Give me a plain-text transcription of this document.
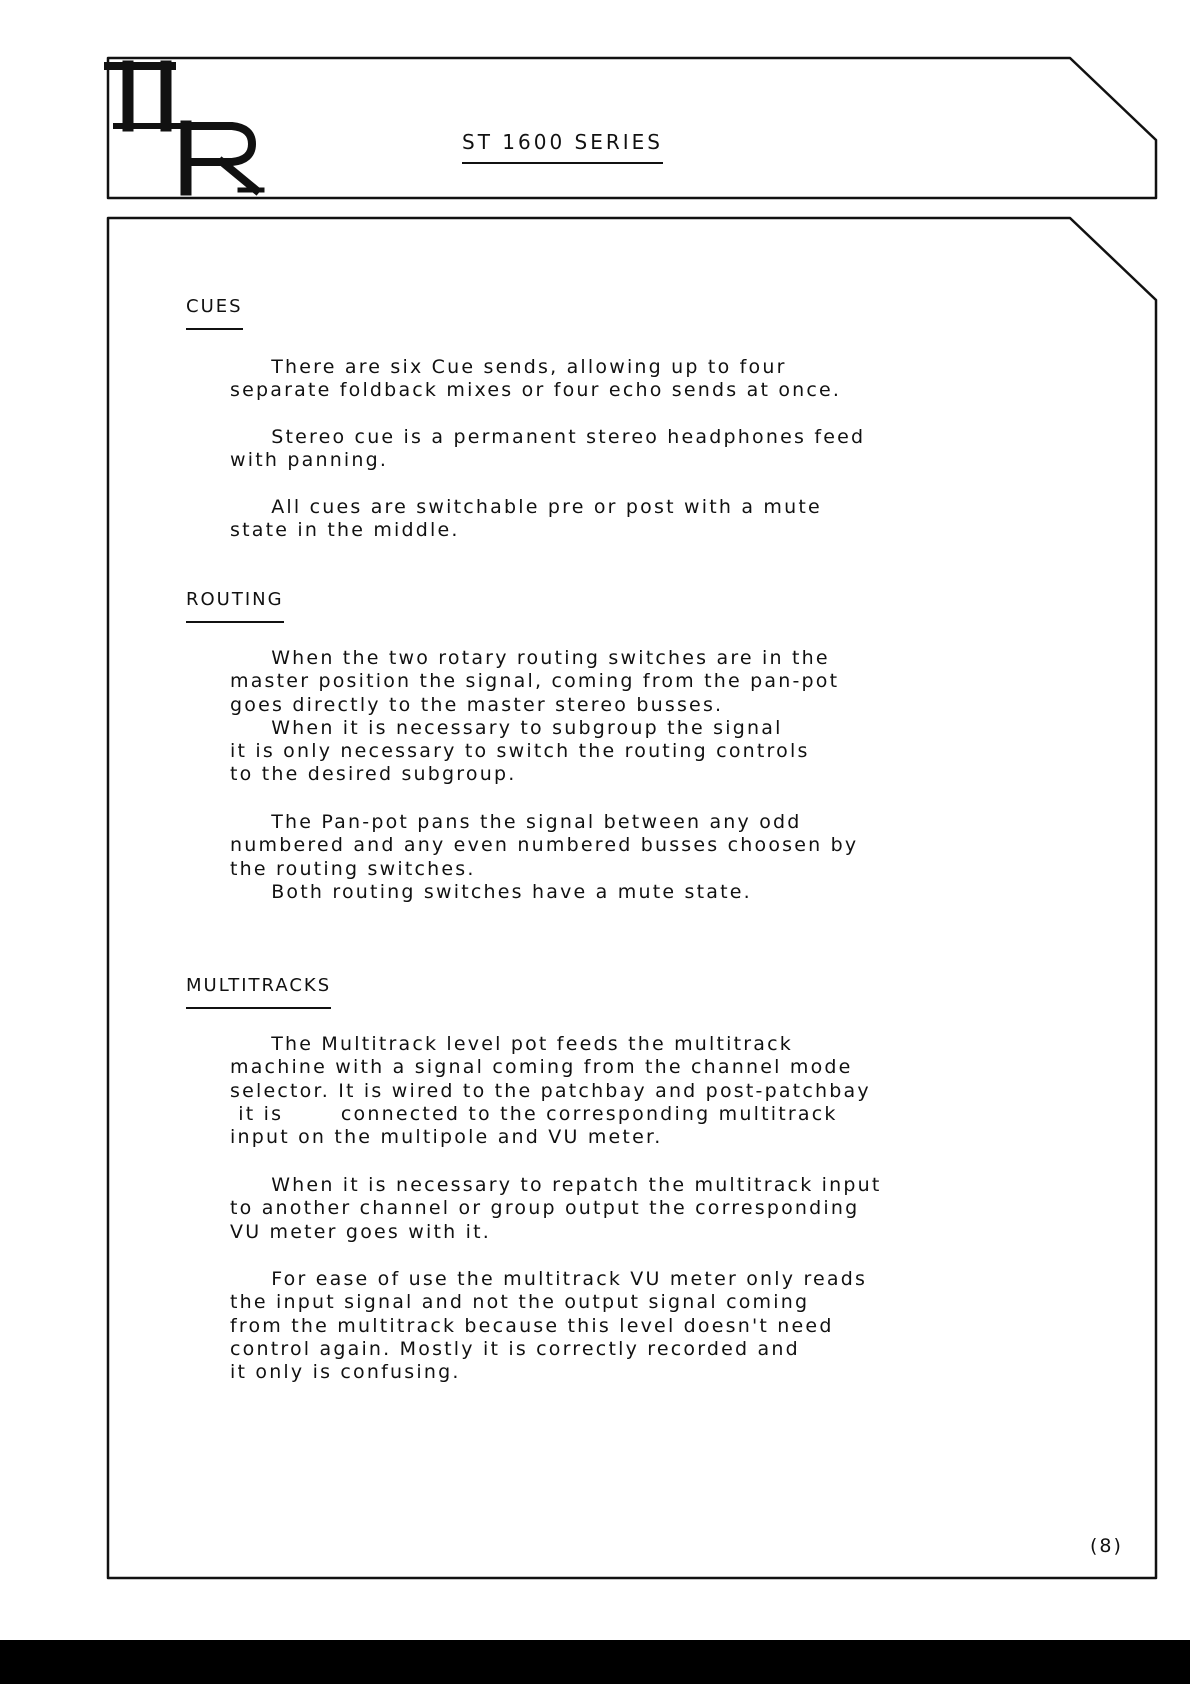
ST 1600 SERIES
CUES

There are six Cue sends, allowing up to four
separate foldback mixes or four echo sends at once.

Stereo cue is a permanent stereo headphones feed
with panning.

All cues are switchable pre or post with a mute
state in the middle.

ROUTING

When the two rotary routing switches are in the
master position the signal, coming from the pan-pot
goes directly to the master stereo busses.
When it is necessary to subgroup the signal
it is only necessary to switch the routing controls
to the desired subgroup.

The Pan-pot pans the signal between any odd
numbered and any even numbered busses choosen by
the routing switches.
Both routing switches have a mute state.

MULTITRACKS

The Multitrack level pot feeds the multitrack
machine with a signal coming from the channel mode
selector. It is wired to the patchbay and post-patchbay
it is       connected to the corresponding multitrack
input on the multipole and VU meter.

When it is necessary to repatch the multitrack input
to another channel or group output the corresponding
VU meter goes with it.

For ease of use the multitrack VU meter only reads
the input signal and not the output signal coming
from the multitrack because this level doesn't need
control again. Mostly it is correctly recorded and
it only is confusing.

(8)
